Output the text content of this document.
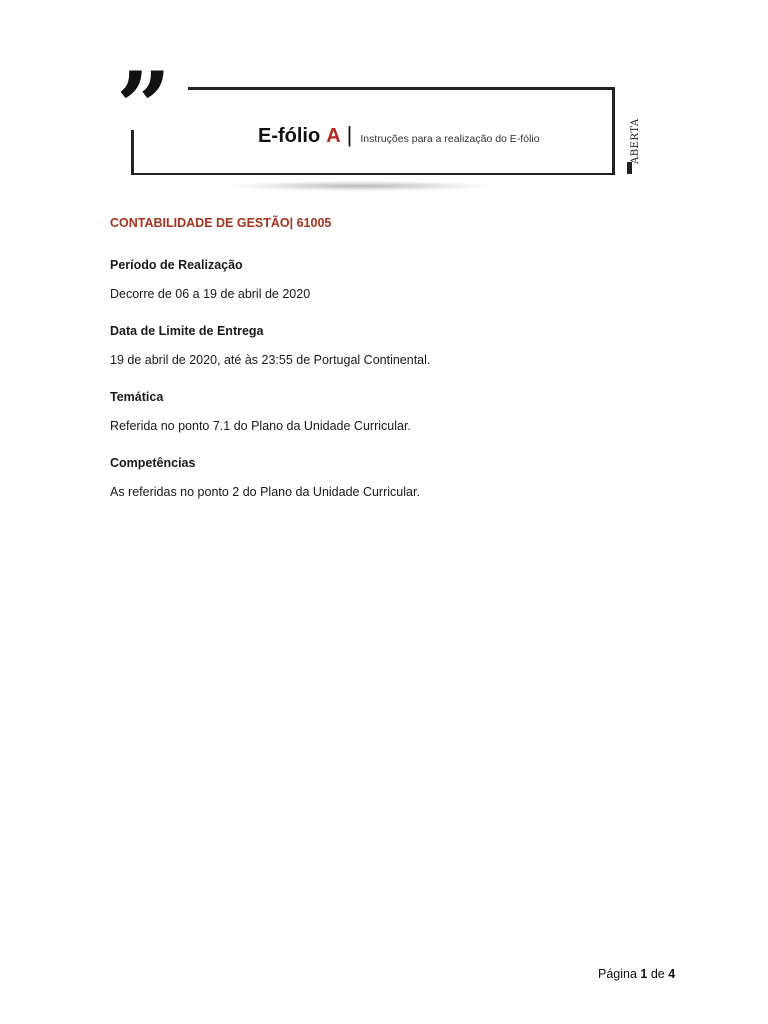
”	E-fólio A | Instruções para a realização do E-fólio	ABERTA

CONTABILIDADE DE GESTÃO| 61005

Período de Realização

Decorre de 06 a 19 de abril de 2020

Data de Limite de Entrega

19 de abril de 2020, até às 23:55 de Portugal Continental.

Temática

Referida no ponto 7.1 do Plano da Unidade Curricular.

Competências

As referidas no ponto 2 do Plano da Unidade Curricular.

Página 1 de 4
